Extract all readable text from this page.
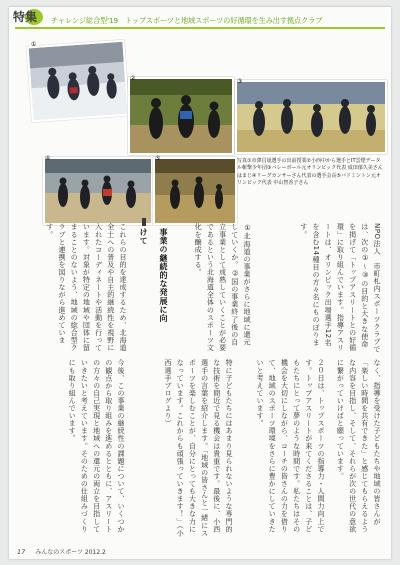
特集 チャレンジ総合型'19　トップスポーツと地域スポーツの好循環を生み出す拠点クラブ
①
②	③
④	⑤	写真①市澤昌晟選手の出前授業②小西中から選手とIT雲煙データル斬撃少年団③バレーボール元オリンピック代表 成田郁久美さんはまじ④リーグカンサーさん代表の選手会長⑤バドミントン元オリンピック代表 中山智香子さん
特に子どもたちにはあまり見られないような専門的な技術を間近で見る機会は貴重です。最後に、小西選手の言葉を紹介します。「地域の皆さんと一緒にスポーツを楽しむことが、自分にとっても大きな力になっています。これからも頑張っていきます！」（小西選手ブログより）
今後、この事業の継続性の課題について、いくつかの観点から取り組みを進めるとともに、アスリートの方々の自己実現と地域への還元の両立を目指していきたいと考えています。そのための仕組みづくりにも取り組んでいます。
事業の継続的な発展に向けて	NPO法人　市町札内スポーツクラブでは、次の①〜③の目的と大きな使命を掲げて「トップアスリートとの好循環」に取り組んでいます。指導アスリートは、オリンピック出場選手12名を含む14種目の方々名にものぼります。
①北海道の事業がさらに地域に還元していくか。②国の事業終了後の自立事業として成熟していくことが必要であるという北海道全体のスポーツ文化を醸成する。
なく、指導を受けた子どもたちや地域の皆さんが「楽しい時間を共有できた」と感じてもらえるような内容を目指し、そして、それらが次の世代の意欲に繋がっていけばと願っています。
２０日は、トップスポーツの指導力・人間力向上です。トップアスリートが来てくださることは、子どもたちにとって夢のような時間です。私たちはその機会を大切にしながら、コーチの皆さんの力を借りて、地域のスポーツ環境をさらに豊かにしていきたいと考えています。
これらの目的を達成するため、北海道全土への普及や自主的継続性を視野に入れたコーディネートや活動を行っています。対象が特定の地域や団体に留まることのないよう、地域の総合型クラブと連携を図りながら進めています。
17 みんなのスポーツ 2012.2
